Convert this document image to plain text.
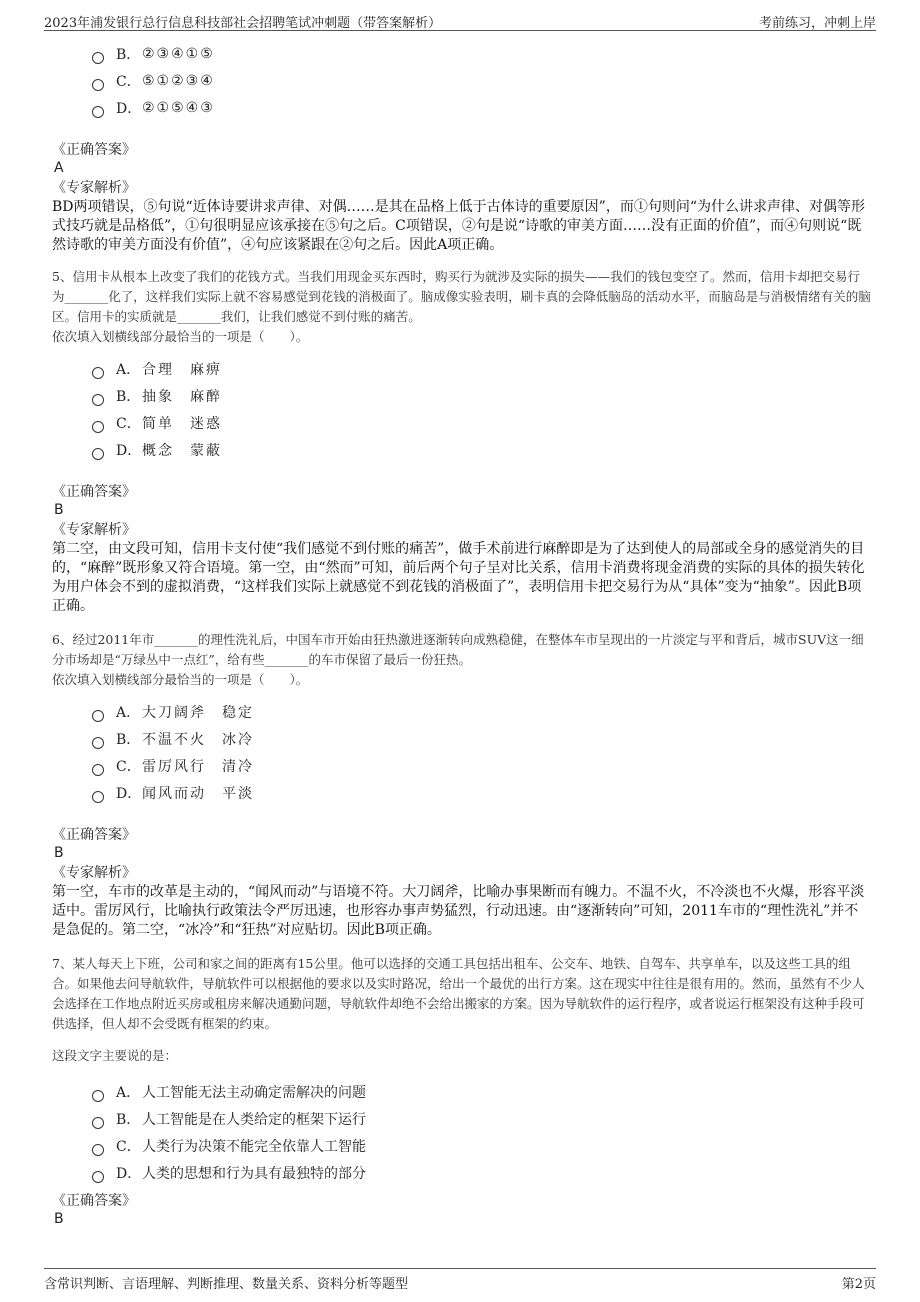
2023年浦发银行总行信息科技部社会招聘笔试冲刺题（带答案解析）	考前练习，冲刺上岸
B． ②③④①⑤
C． ⑤①②③④
D． ②①⑤④③
《正确答案》
A
《专家解析》
BD两项错误，⑤句说“近体诗要讲求声律、对偶……是其在品格上低于古体诗的重要原因”，而①句则问“为什么讲求声律、对偶等形式技巧就是品格低”，①句很明显应该承接在⑤句之后。C项错误，②句是说“诗歌的审美方面……没有正面的价值”，而④句则说“既然诗歌的审美方面没有价值”，④句应该紧跟在②句之后。因此A项正确。
5、信用卡从根本上改变了我们的花钱方式。当我们用现金买东西时，购买行为就涉及实际的损失——我们的钱包变空了。然而，信用卡却把交易行为_______化了，这样我们实际上就不容易感觉到花钱的消极面了。脑成像实验表明，刷卡真的会降低脑岛的活动水平，而脑岛是与消极情绪有关的脑区。信用卡的实质就是_______我们，让我们感觉不到付账的痛苦。
依次填入划横线部分最恰当的一项是（　　）。
A． 合理　麻痹
B． 抽象　麻醉
C． 简单　迷惑
D． 概念　蒙蔽
《正确答案》
B
《专家解析》
第二空，由文段可知，信用卡支付使“我们感觉不到付账的痛苦”，做手术前进行麻醉即是为了达到使人的局部或全身的感觉消失的目的，“麻醉”既形象又符合语境。第一空，由“然而”可知，前后两个句子呈对比关系，信用卡消费将现金消费的实际的具体的损失转化为用户体会不到的虚拟消费，“这样我们实际上就感觉不到花钱的消极面了”，表明信用卡把交易行为从“具体”变为“抽象”。因此B项正确。
6、经过2011年市_______的理性洗礼后，中国车市开始由狂热激进逐渐转向成熟稳健，在整体车市呈现出的一片淡定与平和背后，城市SUV这一细分市场却是“万绿丛中一点红”，给有些_______的车市保留了最后一份狂热。
依次填入划横线部分最恰当的一项是（　　）。
A． 大刀阔斧　稳定
B． 不温不火　冰冷
C． 雷厉风行　清冷
D． 闻风而动　平淡
《正确答案》
B
《专家解析》
第一空，车市的改革是主动的，“闻风而动”与语境不符。大刀阔斧，比喻办事果断而有魄力。不温不火，不冷淡也不火爆，形容平淡适中。雷厉风行，比喻执行政策法令严厉迅速，也形容办事声势猛烈，行动迅速。由“逐渐转向”可知，2011车市的“理性洗礼”并不是急促的。第二空，“冰冷”和“狂热”对应贴切。因此B项正确。
7、某人每天上下班，公司和家之间的距离有15公里。他可以选择的交通工具包括出租车、公交车、地铁、自驾车、共享单车，以及这些工具的组合。如果他去问导航软件，导航软件可以根据他的要求以及实时路况，给出一个最优的出行方案。这在现实中往往是很有用的。然而，虽然有不少人会选择在工作地点附近买房或租房来解决通勤问题，导航软件却绝不会给出搬家的方案。因为导航软件的运行程序，或者说运行框架没有这种手段可供选择，但人却不会受既有框架的约束。
这段文字主要说的是：
A． 人工智能无法主动确定需解决的问题
B． 人工智能是在人类给定的框架下运行
C． 人类行为决策不能完全依靠人工智能
D． 人类的思想和行为具有最独特的部分
《正确答案》
B
含常识判断、言语理解、判断推理、数量关系、资料分析等题型	第2页
